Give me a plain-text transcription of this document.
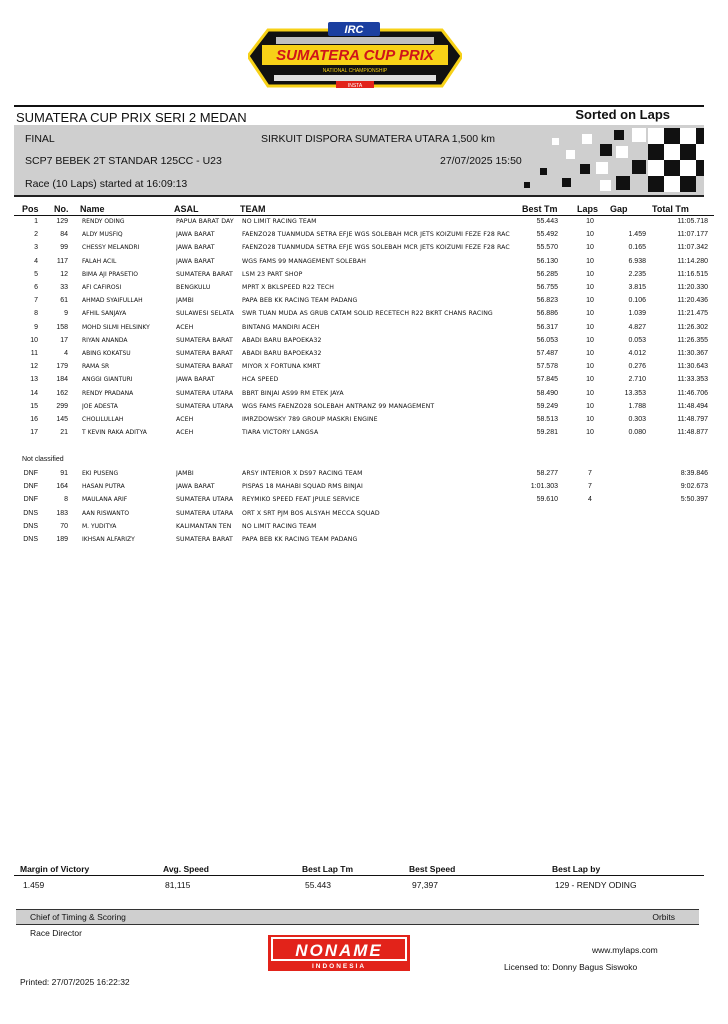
IRC
SUMATERA CUP PRIX
NATIONAL CHAMPIONSHIP
INSTA
SUMATERA CUP PRIX SERI 2 MEDAN	Sorted on Laps
FINAL	SIRKUIT DISPORA SUMATERA UTARA 1,500 km
SCP7 BEBEK 2T STANDAR 125CC - U23	27/07/2025 15:50
Race (10 Laps) started at 16:09:13
Pos No. Name	ASAL	TEAM	Best Tm Laps Gap	Total Tm
1	129 RENDY ODING	PAPUA BARAT DAY	NO LIMIT RACING TEAM	55.443	10	11:05.718
2	84 ALDY MUSFIQ	JAWA BARAT	FAENZO28 TUANMUDA SETRA EFJE WGS SOLEBAH MCR JETS KOIZUMI FEZE F28 RAC	55.492	10	1.459	11:07.177
3	99 CHESSY MELANDRI	JAWA BARAT	FAENZO28 TUANMUDA SETRA EFJE WGS SOLEBAH MCR JETS KOIZUMI FEZE F28 RAC	55.570	10	0.165	11:07.342
4	117 FALAH ACIL	JAWA BARAT	WGS FAMS 99 MANAGEMENT SOLEBAH	56.130	10	6.938	11:14.280
5	12 BIMA AJI PRASETIO	SUMATERA BARAT	LSM 23 PART SHOP	56.285	10	2.235	11:16.515
6	33 AFI CAFIROSI	BENGKULU	MPRT X BKLSPEED R22 TECH	56.755	10	3.815	11:20.330
7	61 AHMAD SYAIFULLAH	JAMBI	PAPA BEB KK RACING TEAM PADANG	56.823	10	0.106	11:20.436
8	9 AFHIL SANJAYA	SULAWESI SELATA	SWR TUAN MUDA AS GRUB CATAM SOLID RECETECH R22 BKRT CHANS RACING	56.886	10	1.039	11:21.475
9	158 MOHD SILMI HELSINKY	ACEH	BINTANG MANDIRI ACEH	56.317	10	4.827	11:26.302
10	17 RIYAN ANANDA	SUMATERA BARAT	ABADI BARU BAPOEKA32	56.053	10	0.053	11:26.355
11	4 ABING KOKATSU	SUMATERA BARAT	ABADI BARU BAPOEKA32	57.487	10	4.012	11:30.367
12	179 RAMA SR	SUMATERA BARAT	MIYOR X FORTUNA KMRT	57.578	10	0.276	11:30.643
13	184 ANGGI GIANTURI	JAWA BARAT	HCA SPEED	57.845	10	2.710	11:33.353
14	162 RENDY PRADANA	SUMATERA UTARA	BBRT BINJAI AS99 RM ETEK JAYA	58.490	10	13.353	11:46.706
15	299 JOE ADESTA	SUMATERA UTARA	WGS FAMS FAENZO28 SOLEBAH ANTRANZ 99 MANAGEMENT	59.249	10	1.788	11:48.494
16	145 CHOLILULLAH	ACEH	IMRZDOWSKY 789 GROUP MASKRI ENGINE	58.513	10	0.303	11:48.797
17	21 T KEVIN RAKA ADITYA	ACEH	TIARA VICTORY LANGSA	59.281	10	0.080	11:48.877
Not classified
DNF	91 EKI PUSENG	JAMBI	ARSY INTERIOR X DS97 RACING TEAM	58.277	7	8:39.846
DNF	164 HASAN PUTRA	JAWA BARAT	PISPAS 18 MAHABI SQUAD RMS BINJAI	1:01.303	7	9:02.673
DNF	8 MAULANA ARIF	SUMATERA UTARA	REYMIKO SPEED FEAT JPULE SERVICE	59.610	4	5:50.397
DNS	183 AAN RISWANTO	SUMATERA UTARA	ORT X SRT PJM BOS ALSYAH MECCA SQUAD
DNS	70 M. YUDITYA	KALIMANTAN TEN	NO LIMIT RACING TEAM
DNS	189 IKHSAN ALFARIZY	SUMATERA BARAT	PAPA BEB KK RACING TEAM PADANG
Margin of Victory	Avg. Speed	Best Lap Tm	Best Speed	Best Lap by
1.459	81,115	55.443	97,397	129 - RENDY ODING
Chief of Timing & Scoring	Orbits
Race Director
NONAME
INDONESIA
www.mylaps.com
Licensed to: Donny Bagus Siswoko
Printed: 27/07/2025 16:22:32
